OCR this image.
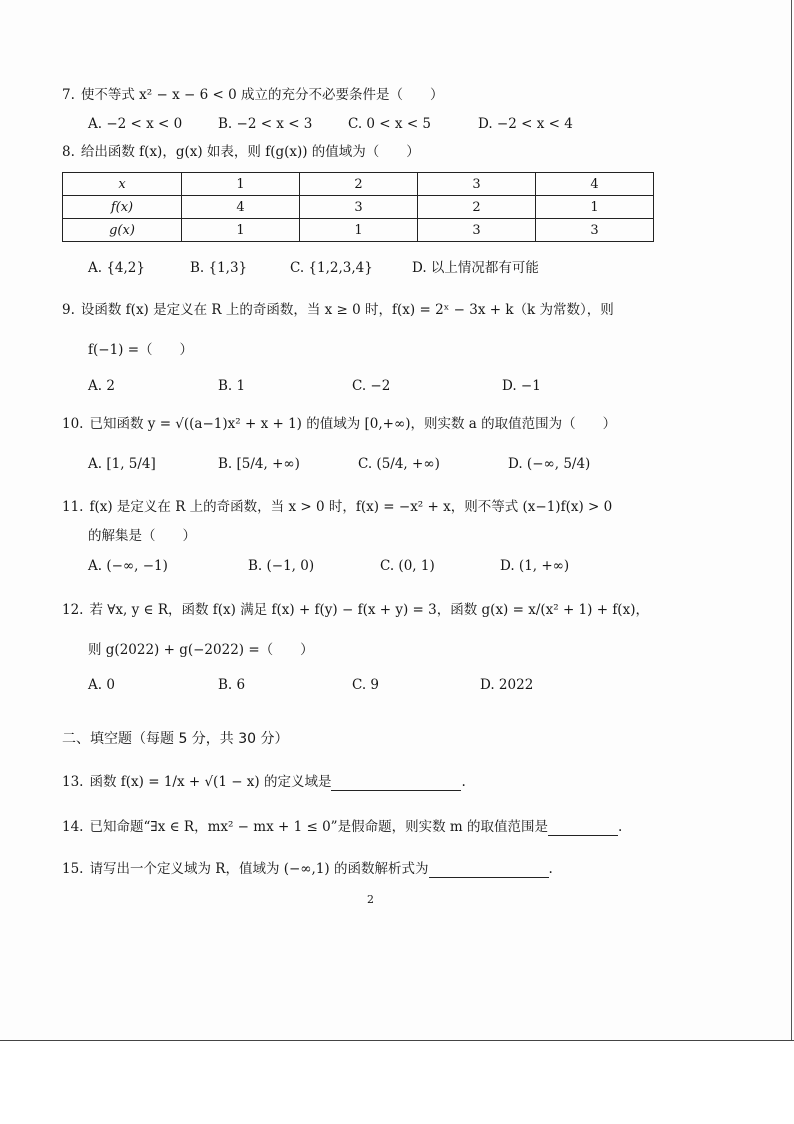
7. 使不等式 x² − x − 6 < 0 成立的充分不必要条件是（　　）
A. −2 < x < 0	B. −2 < x < 3	C. 0 < x < 5	D. −2 < x < 4
8. 给出函数 f(x)，g(x) 如表，则 f(g(x)) 的值域为（　　）
x	1	2	3	4
f(x)	4	3	2	1
g(x)	1	1	3	3
A. {4,2}	B. {1,3}	C. {1,2,3,4}	D. 以上情况都有可能
9. 设函数 f(x) 是定义在 R 上的奇函数，当 x ≥ 0 时，f(x) = 2ˣ − 3x + k（k 为常数），则
f(−1) =（　　）
A. 2	B. 1	C. −2	D. −1
10. 已知函数 y = √((a−1)x² + x + 1) 的值域为 [0,+∞)，则实数 a 的取值范围为（　　）
A. [1, 5/4]	B. [5/4, +∞)	C. (5/4, +∞)	D. (−∞, 5/4)
11. f(x) 是定义在 R 上的奇函数，当 x > 0 时，f(x) = −x² + x，则不等式 (x−1)f(x) > 0
的解集是（　　）
A. (−∞, −1)	B. (−1, 0)	C. (0, 1)	D. (1, +∞)
12. 若 ∀x, y ∈ R，函数 f(x) 满足 f(x) + f(y) − f(x + y) = 3，函数 g(x) = x/(x² + 1) + f(x)，
则 g(2022) + g(−2022) =（　　）
A. 0	B. 6	C. 9	D. 2022
二、填空题（每题 5 分，共 30 分）
13. 函数 f(x) = 1/x + √(1 − x) 的定义域是	.
14. 已知命题“∃x ∈ R，mx² − mx + 1 ≤ 0”是假命题，则实数 m 的取值范围是	.
15. 请写出一个定义域为 R，值域为 (−∞,1) 的函数解析式为	.
2
